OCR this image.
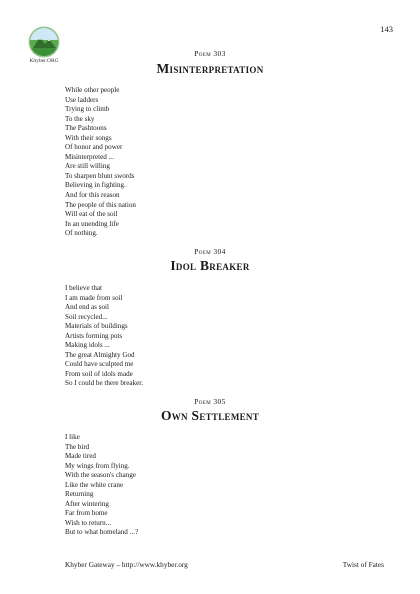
143
Khyber.ORG
Poem 303
Misinterpretation
While other people
Use ladders
Trying to climb
To the sky
The Pashtoons
With their songs
Of honor and power
Misinterpreted ...
Are still willing
To sharpen blunt swords
Believing in fighting.
And for this reason
The people of this nation
Will eat of the soil
In an unending life
Of nothing.
Poem 304
Idol Breaker
I believe that
I am made from soil
And end as soil
Soil recycled...
Materials of buildings
Artists forming pots
Making idols ...
The great Almighty God
Could have sculpted me
From soil of idols made
So I could be there breaker.
Poem 305
Own Settlement
I like
The bird
Made tired
My wings from flying.
With the season's change
Like the white crane
Returning
After wintering
Far from home
Wish to return...
But to what homeland ...?
Khyber Gateway – http://www.khyber.org	Twist of Fates
